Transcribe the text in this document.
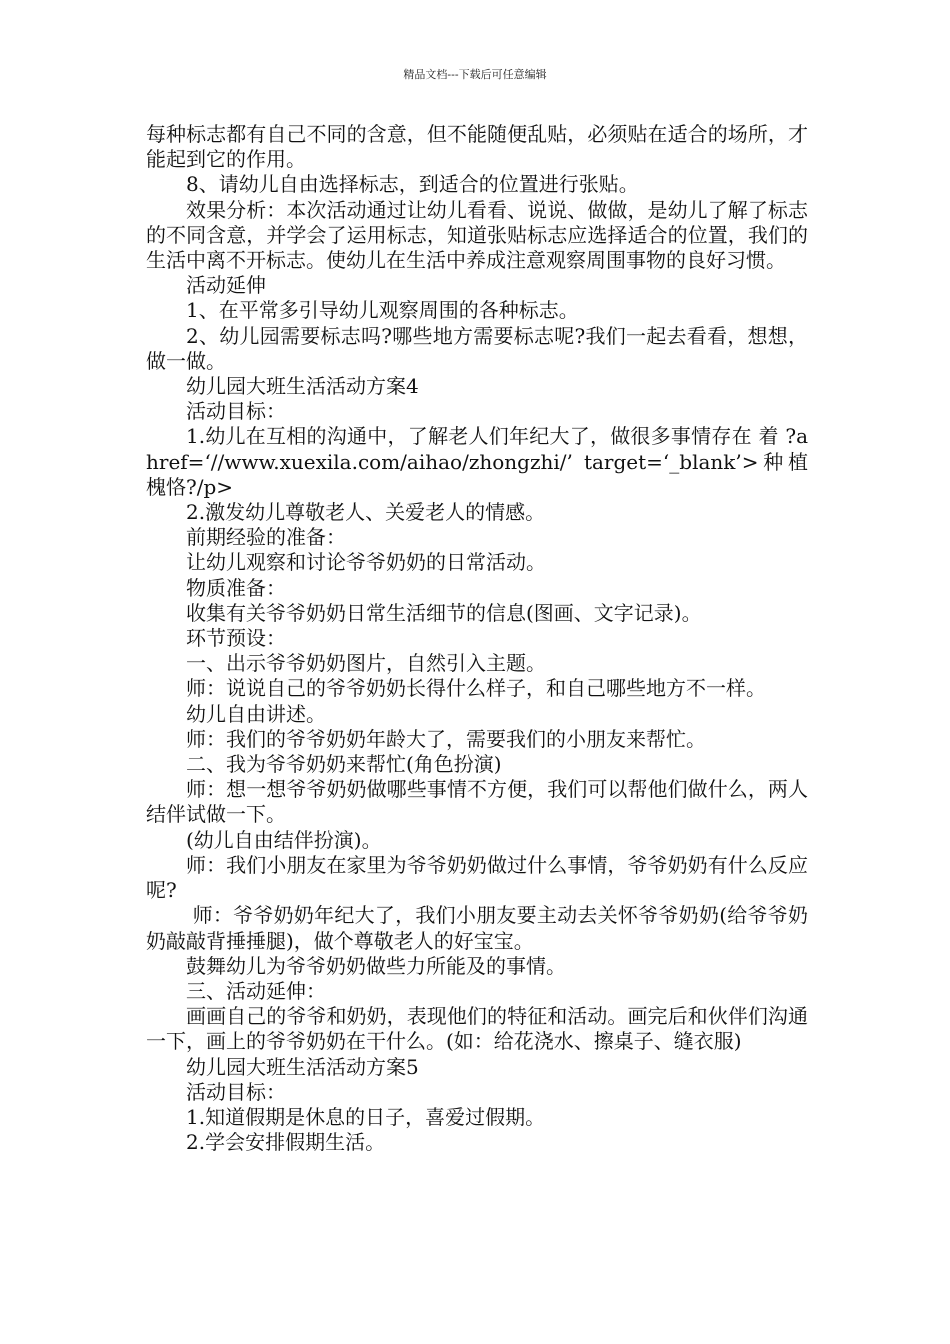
精品文档---下载后可任意编辑

每种标志都有自己不同的含意，但不能随便乱贴，必须贴在适合的场所，才能起到它的作用。

8、请幼儿自由选择标志，到适合的位置进行张贴。

效果分析：本次活动通过让幼儿看看、说说、做做，是幼儿了解了标志的不同含意，并学会了运用标志，知道张贴标志应选择适合的位置，我们的生活中离不开标志。使幼儿在生活中养成注意观察周围事物的良好习惯。

活动延伸

1、在平常多引导幼儿观察周围的各种标志。

2、幼儿园需要标志吗?哪些地方需要标志呢?我们一起去看看，想想，做一做。

幼儿园大班生活活动方案4

活动目标：

1.幼儿在互相的沟通中，了解老人们年纪大了，做很多事情存在 着 ?a href=‘//www.xuexila.com/aihao/zhongzhi/’ target=‘_blank’>种植槐恪?/p>

2.激发幼儿尊敬老人、关爱老人的情感。

前期经验的准备：

让幼儿观察和讨论爷爷奶奶的日常活动。

物质准备：

收集有关爷爷奶奶日常生活细节的信息(图画、文字记录)。

环节预设：

一、出示爷爷奶奶图片，自然引入主题。

师：说说自己的爷爷奶奶长得什么样子，和自己哪些地方不一样。

幼儿自由讲述。

师：我们的爷爷奶奶年龄大了，需要我们的小朋友来帮忙。

二、我为爷爷奶奶来帮忙(角色扮演)

师：想一想爷爷奶奶做哪些事情不方便，我们可以帮他们做什么，两人结伴试做一下。

(幼儿自由结伴扮演)。

师：我们小朋友在家里为爷爷奶奶做过什么事情，爷爷奶奶有什么反应呢?

师：爷爷奶奶年纪大了，我们小朋友要主动去关怀爷爷奶奶(给爷爷奶奶敲敲背捶捶腿)，做个尊敬老人的好宝宝。

鼓舞幼儿为爷爷奶奶做些力所能及的事情。

三、活动延伸：

画画自己的爷爷和奶奶，表现他们的特征和活动。画完后和伙伴们沟通一下，画上的爷爷奶奶在干什么。(如：给花浇水、擦桌子、缝衣服)

幼儿园大班生活活动方案5

活动目标：

1.知道假期是休息的日子，喜爱过假期。

2.学会安排假期生活。
